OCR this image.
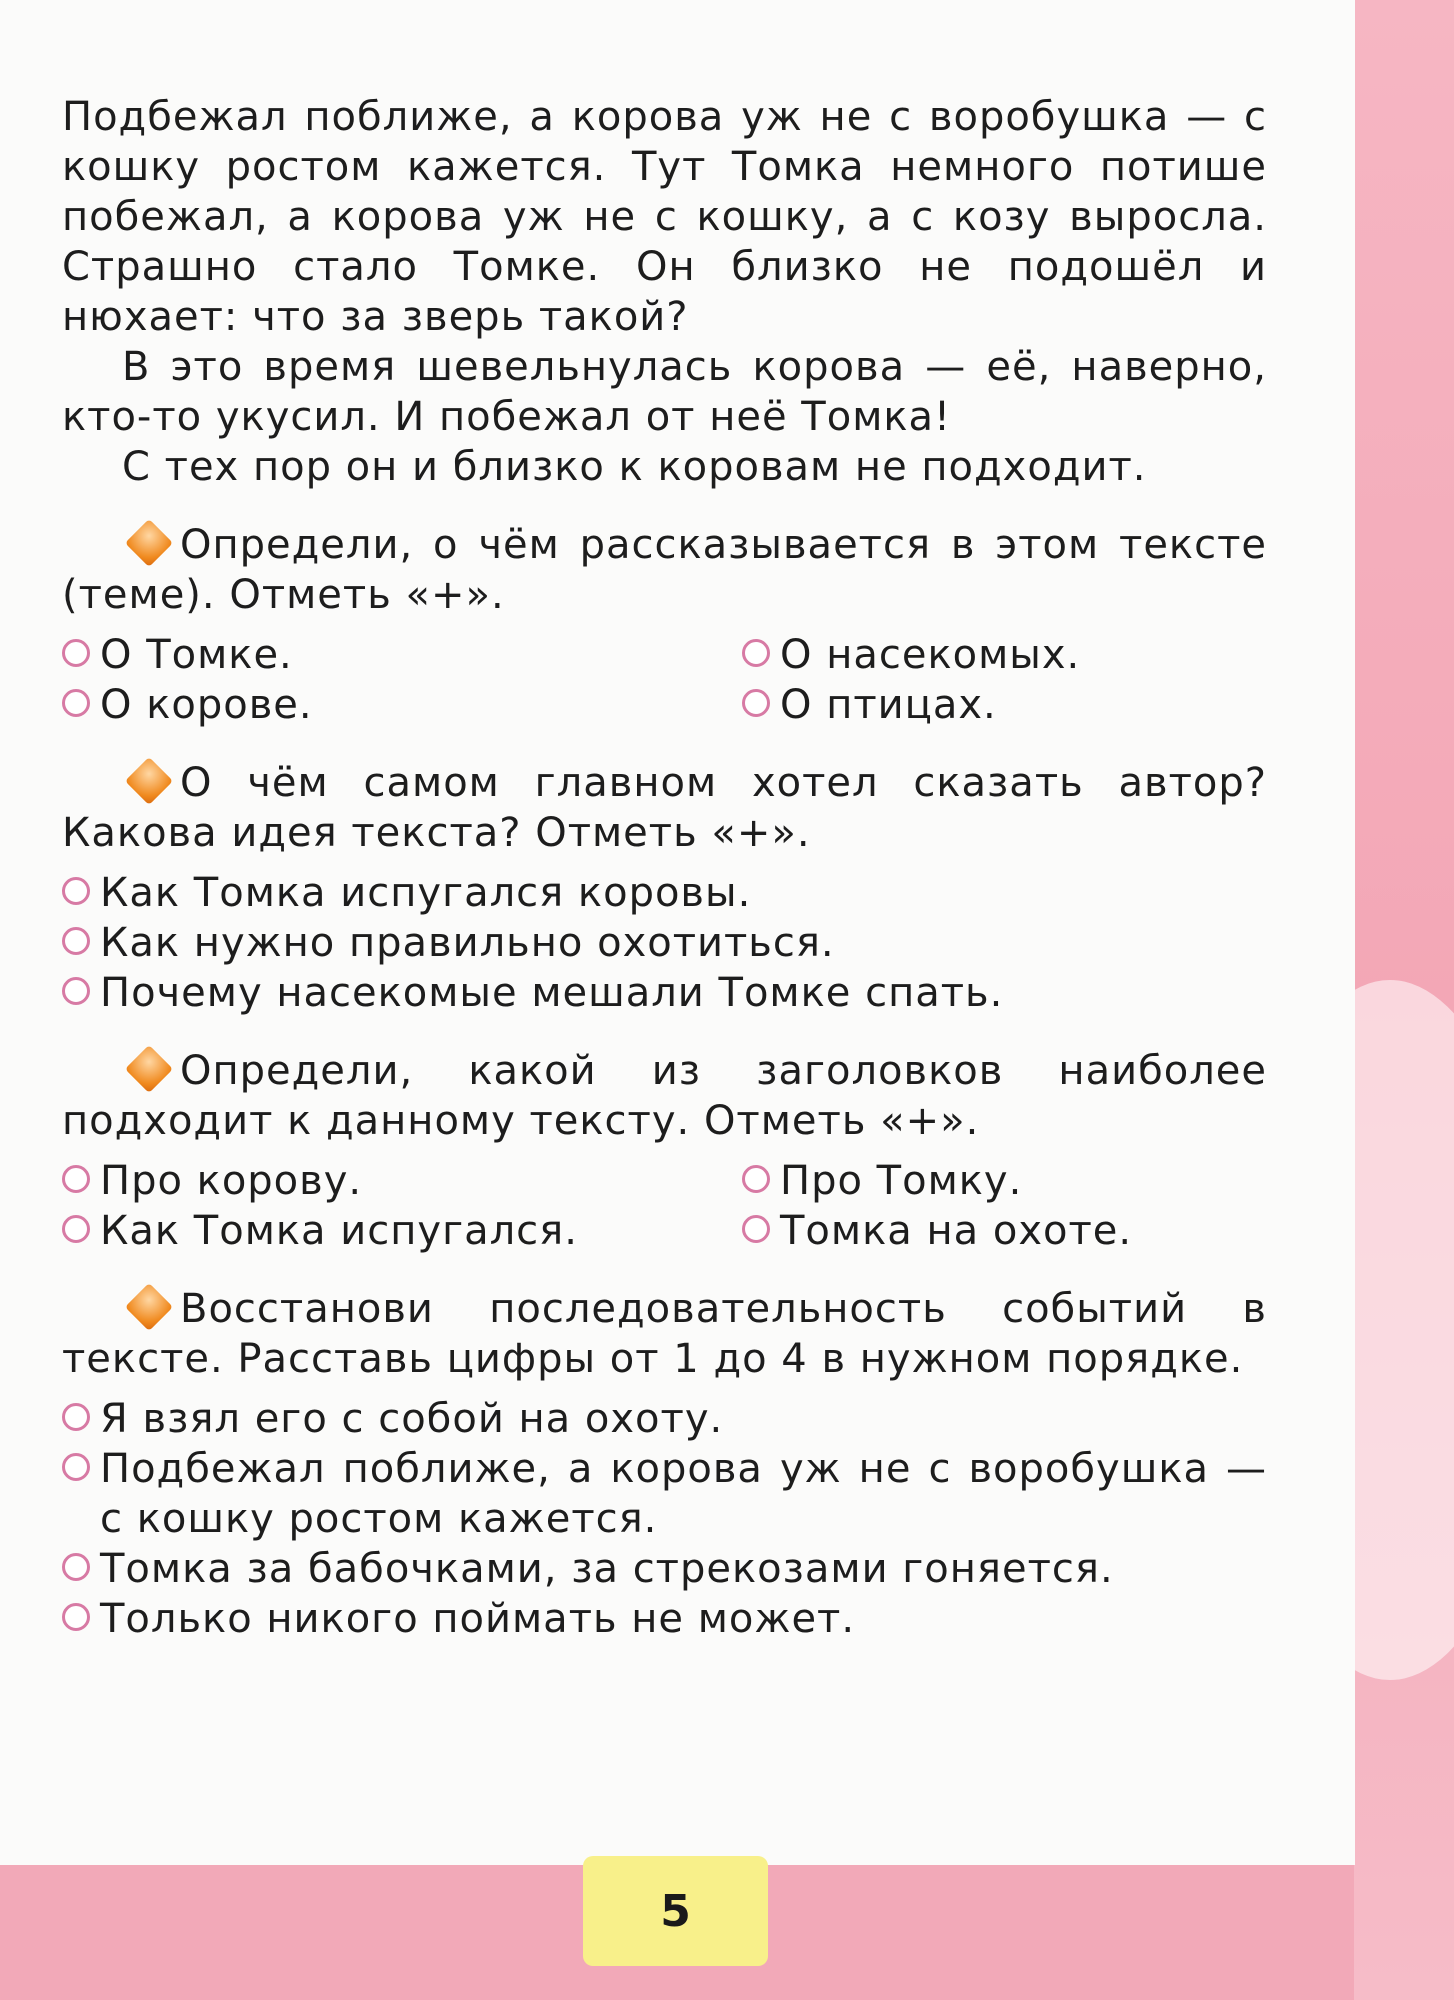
Подбежал поближе, а корова уж не с воробушка — с кошку ростом кажется. Тут Томка немного потише побежал, а корова уж не с кошку, а с козу выросла. Страшно стало Томке. Он близко не подошёл и нюхает: что за зверь такой?

В это время шевельнулась корова — её, наверно, кто-то укусил. И побежал от неё Томка!

С тех пор он и близко к коровам не подходит.

Определи, о чём рассказывается в этом тексте (теме). Отметь «+».
О Томке.	О насекомых.
О корове.	О птицах.
О чём самом главном хотел сказать автор? Какова идея текста? Отметь «+».
Как Томка испугался коровы.
Как нужно правильно охотиться.
Почему насекомые мешали Томке спать.
Определи, какой из заголовков наиболее подходит к данному тексту. Отметь «+».
Про корову.	Про Томку.
Как Томка испугался.	Томка на охоте.
Восстанови последовательность событий в тексте. Расставь цифры от 1 до 4 в нужном порядке.
Я взял его с собой на охоту.
Подбежал поближе, а корова уж не с воробушка — с кошку ростом кажется.
Томка за бабочками, за стрекозами гоняется.
Только никого поймать не может.
5
